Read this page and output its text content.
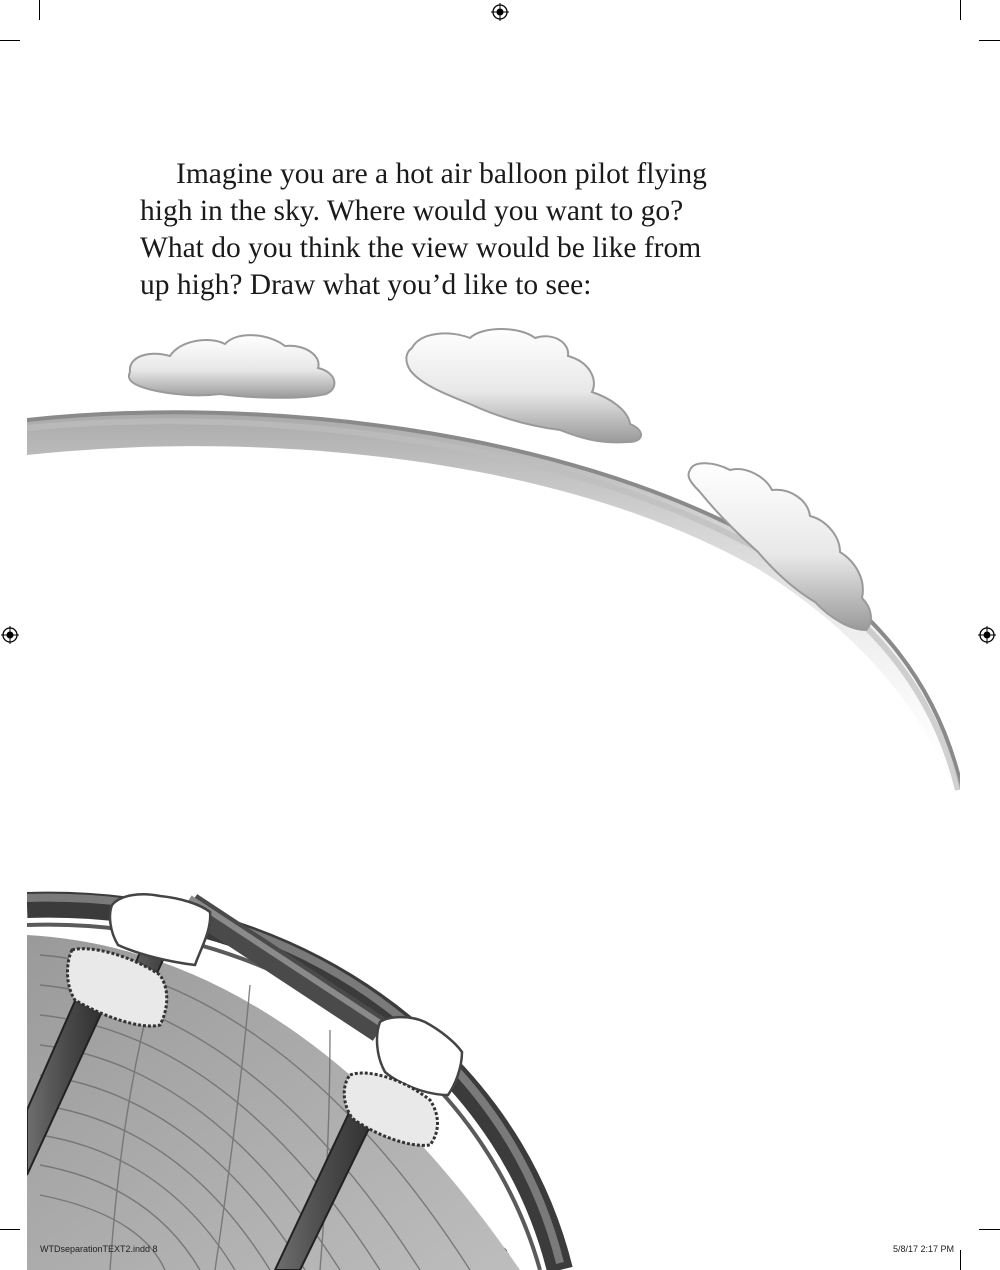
Imagine you are a hot air balloon pilot flying
high in the sky. Where would you want to go?
What do you think the view would be like from
up high? Draw what you’d like to see:

WTDseparationTEXT2.indd 8	5/8/17 2:17 PM
